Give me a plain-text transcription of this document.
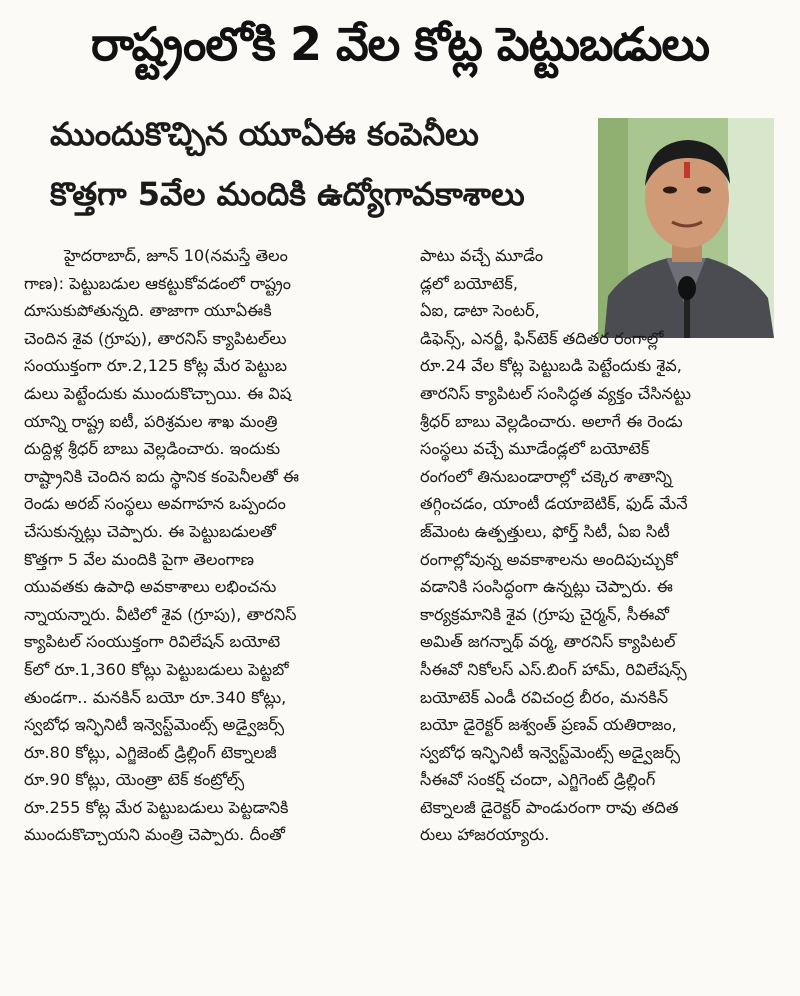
రాష్ట్రంలోకి 2 వేల కోట్ల పెట్టుబడులు
ముందుకొచ్చిన యూఏఈ కంపెనీలు
కొత్తగా 5వేల మందికి ఉద్యోగావకాశాలు
హైదరాబాద్, జూన్ 10(నమస్తే తెలం
గాణ): పెట్టుబడుల ఆకట్టుకోవడంలో రాష్ట్రం
దూసుకుపోతున్నది. తాజాగా యూఏఈకి
చెందిన శైవ (గ్రూపు), తారనిస్ క్యాపిటల్‌లు
సంయుక్తంగా రూ.2,125 కోట్ల మేర పెట్టుబ
డులు పెట్టేందుకు ముందుకొచ్చాయి. ఈ విష
యాన్ని రాష్ట్ర ఐటీ, పరిశ్రమల శాఖ మంత్రి
దుద్దిళ్ల శ్రీధర్ బాబు వెల్లడించారు. ఇందుకు
రాష్ట్రానికి చెందిన ఐదు స్థానిక కంపెనీలతో ఈ
రెండు అరబ్ సంస్థలు అవగాహన ఒప్పందం
చేసుకున్నట్లు చెప్పారు. ఈ పెట్టుబడులతో
కొత్తగా 5 వేల మందికి పైగా తెలంగాణ
యువతకు ఉపాధి అవకాశాలు లభించను
న్నాయన్నారు. వీటిలో శైవ (గ్రూపు), తారనిస్
క్యాపిటల్ సంయుక్తంగా రివిలేషన్ బయోటె
క్‌లో రూ.1,360 కోట్లు పెట్టుబడులు పెట్టబో
తుండగా.. మనకిన్ బయో రూ.340 కోట్లు,
స్వబోధ ఇన్ఫినిటీ ఇన్వెస్ట్‌మెంట్స్ అడ్వైజర్స్
రూ.80 కోట్లు, ఎగ్జిజెంట్ డ్రిల్లింగ్ టెక్నాలజీ
రూ.90 కోట్లు, యెంత్రా టెక్ కంట్రోల్స్
రూ.255 కోట్ల మేర పెట్టుబడులు పెట్టడానికి
ముందుకొచ్చాయని మంత్రి చెప్పారు. దీంతో
పాటు వచ్చే మూడేం
డ్లలో బయోటెక్,
ఏఐ, డాటా సెంటర్,
డిఫెన్స్, ఎనర్జీ, ఫిన్‌టెక్ తదితర రంగాల్లో
రూ.24 వేల కోట్ల పెట్టుబడి పెట్టేందుకు శైవ,
తారనిస్ క్యాపిటల్ సంసిద్ధత వ్యక్తం చేసినట్టు
శ్రీధర్ బాబు వెల్లడించారు. అలాగే ఈ రెండు
సంస్థలు వచ్చే మూడేండ్లలో బయోటెక్
రంగంలో తినుబండారాల్లో చక్కెర శాతాన్ని
తగ్గించడం, యాంటీ డయాబెటిక్, ఫుడ్ మేనే
జ్‌మెంట ఉత్పత్తులు, ఫోర్త్ సిటీ, ఏఐ సిటీ
రంగాల్లోవున్న అవకాశాలను అందిపుచ్చుకో
వడానికి సంసిద్ధంగా ఉన్నట్లు చెప్పారు. ఈ
కార్యక్రమానికి శైవ (గ్రూపు చైర్మన్, సీఈవో
అమిత్ జగన్నాథ్ వర్మ, తారనిస్ క్యాపిటల్
సీఈవో నికోలస్ ఎస్.బింగ్ హామ్, రివిలేషన్స్
బయోటెక్ ఎండీ రవిచంద్ర బీరం, మనకిన్
బయో డైరెక్టర్ జశ్వంత్ ప్రణవ్ యతిరాజం,
స్వబోధ ఇన్ఫినిటీ ఇన్వెస్ట్‌మెంట్స్ అడ్వైజర్స్
సీఈవో సంకర్ష్ చందా, ఎగ్జిగెంట్ డ్రిల్లింగ్
టెక్నాలజీ డైరెక్టర్ పాండురంగా రావు తదిత
రులు హాజరయ్యారు.
